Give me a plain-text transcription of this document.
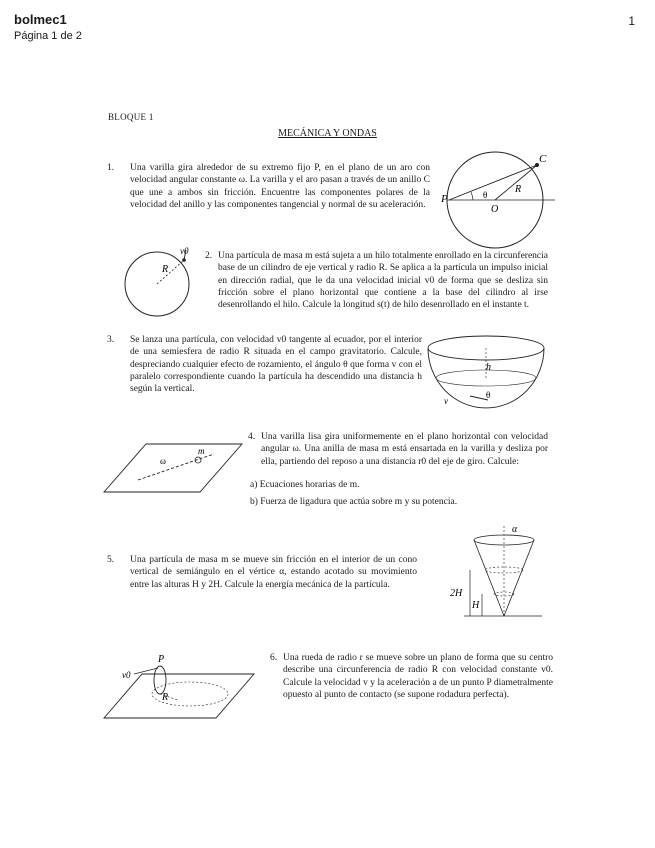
bolmec1
Página 1 de 2
1
BLOQUE 1
MECÁNICA Y ONDAS
1. Una varilla gira alrededor de su extremo fijo P, en el plano de un aro con velocidad angular constante ω. La varilla y el aro pasan a través de un anillo C que une a ambos sin fricción. Encuentre las componentes polares de la velocidad del anillo y las componentes tangencial y normal de su aceleración.	P
C
R
O
θ
R
v0 2. Una partícula de masa m está sujeta a un hilo totalmente enrollado en la circunferencia base de un cilindro de eje vertical y radio R. Se aplica a la partícula un impulso inicial en dirección radial, que le da una velocidad inicial v0 de forma que se desliza sin fricción sobre el plano horizontal que contiene a la base del cilindro al irse desenrollando el hilo. Calcule la longitud s(t) de hilo desenrollado en el instante t.
3. Se lanza una partícula, con velocidad v0 tangente al ecuador, por el interior de una semiesfera de radio R situada en el campo gravitatorio. Calcule, despreciando cualquier efecto de rozamiento, el ángulo θ que forma v con el paralelo correspondiente cuando la partícula ha descendido una distancia h según la vertical.
h
v
θ
ω
m
4. Una varilla lisa gira uniformemente en el plano horizontal con velocidad angular ω. Una anilla de masa m está ensartada en la varilla y desliza por ella, partiendo del reposo a una distancia r0 del eje de giro. Calcule:
a) Ecuaciones horarias de m.
b) Fuerza de ligadura que actúa sobre m y su potencia.
5. Una partícula de masa m se mueve sin fricción en el interior de un cono vertical de semiángulo en el vértice α, estando acotado su movimiento entre las alturas H y 2H. Calcule la energía mecánica de la partícula.
α
2H
H
P
v0
R
6. Una rueda de radio r se mueve sobre un plano de forma que su centro describe una circunferencia de radio R con velocidad constante v0. Calcule la velocidad v y la aceleración a de un punto P diametralmente opuesto al punto de contacto (se supone rodadura perfecta).
